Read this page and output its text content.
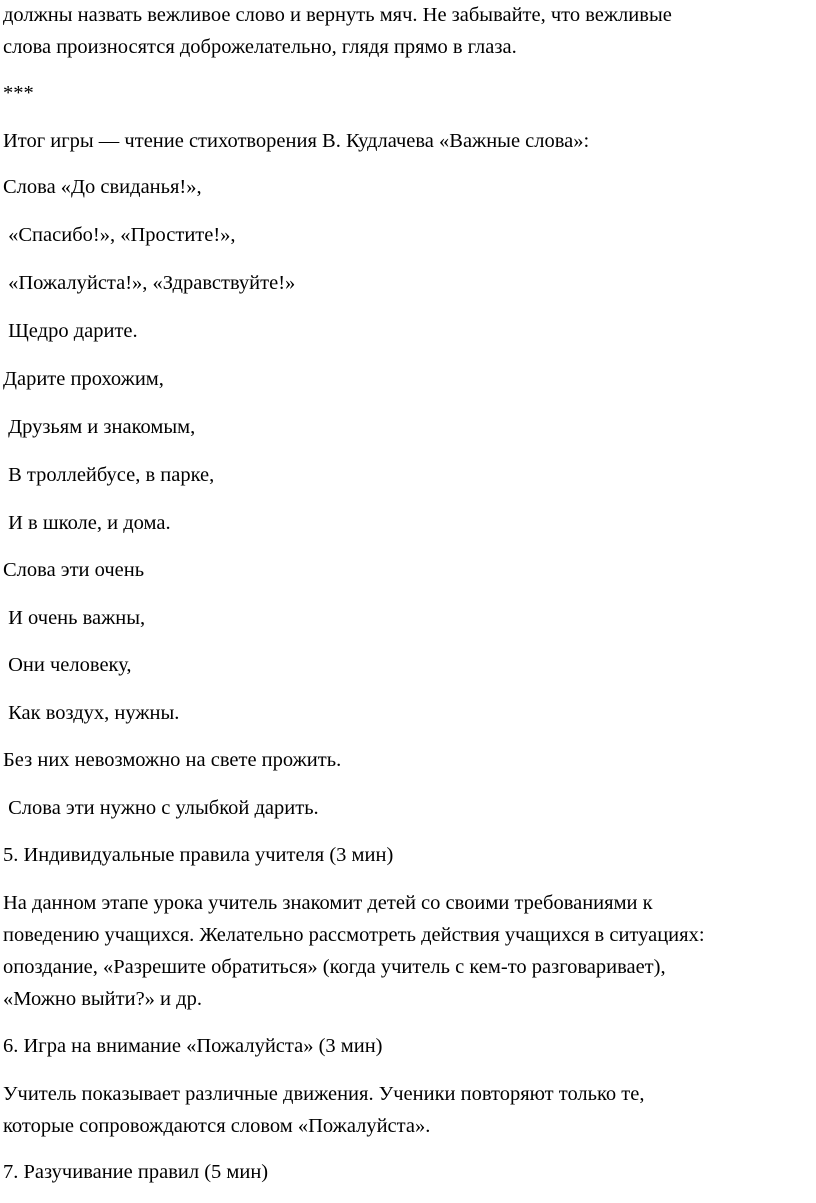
должны назвать вежливое слово и вернуть мяч. Не забывайте, что вежливые
слова произносятся доброжелательно, глядя прямо в глаза.
***
Итог игры — чтение стихотворения В. Кудлачева «Важные слова»:
Слова «До свиданья!»,
«Спасибо!», «Простите!»,
«Пожалуйста!», «Здравствуйте!»
Щедро дарите.
Дарите прохожим,
Друзьям и знакомым,
В троллейбусе, в парке,
И в школе, и дома.
Слова эти очень
И очень важны,
Они человеку,
Как воздух, нужны.
Без них невозможно на свете прожить.
Слова эти нужно с улыбкой дарить.
5. Индивидуальные правила учителя (3 мин)
На данном этапе урока учитель знакомит детей со своими требованиями к
поведению учащихся. Желательно рассмотреть действия учащихся в ситуациях:
опоздание, «Разрешите обратиться» (когда учитель с кем-то разговаривает),
«Можно выйти?» и др.
6. Игра на внимание «Пожалуйста» (3 мин)
Учитель показывает различные движения. Ученики повторяют только те,
которые сопровождаются словом «Пожалуйста».
7. Разучивание правил (5 мин)
